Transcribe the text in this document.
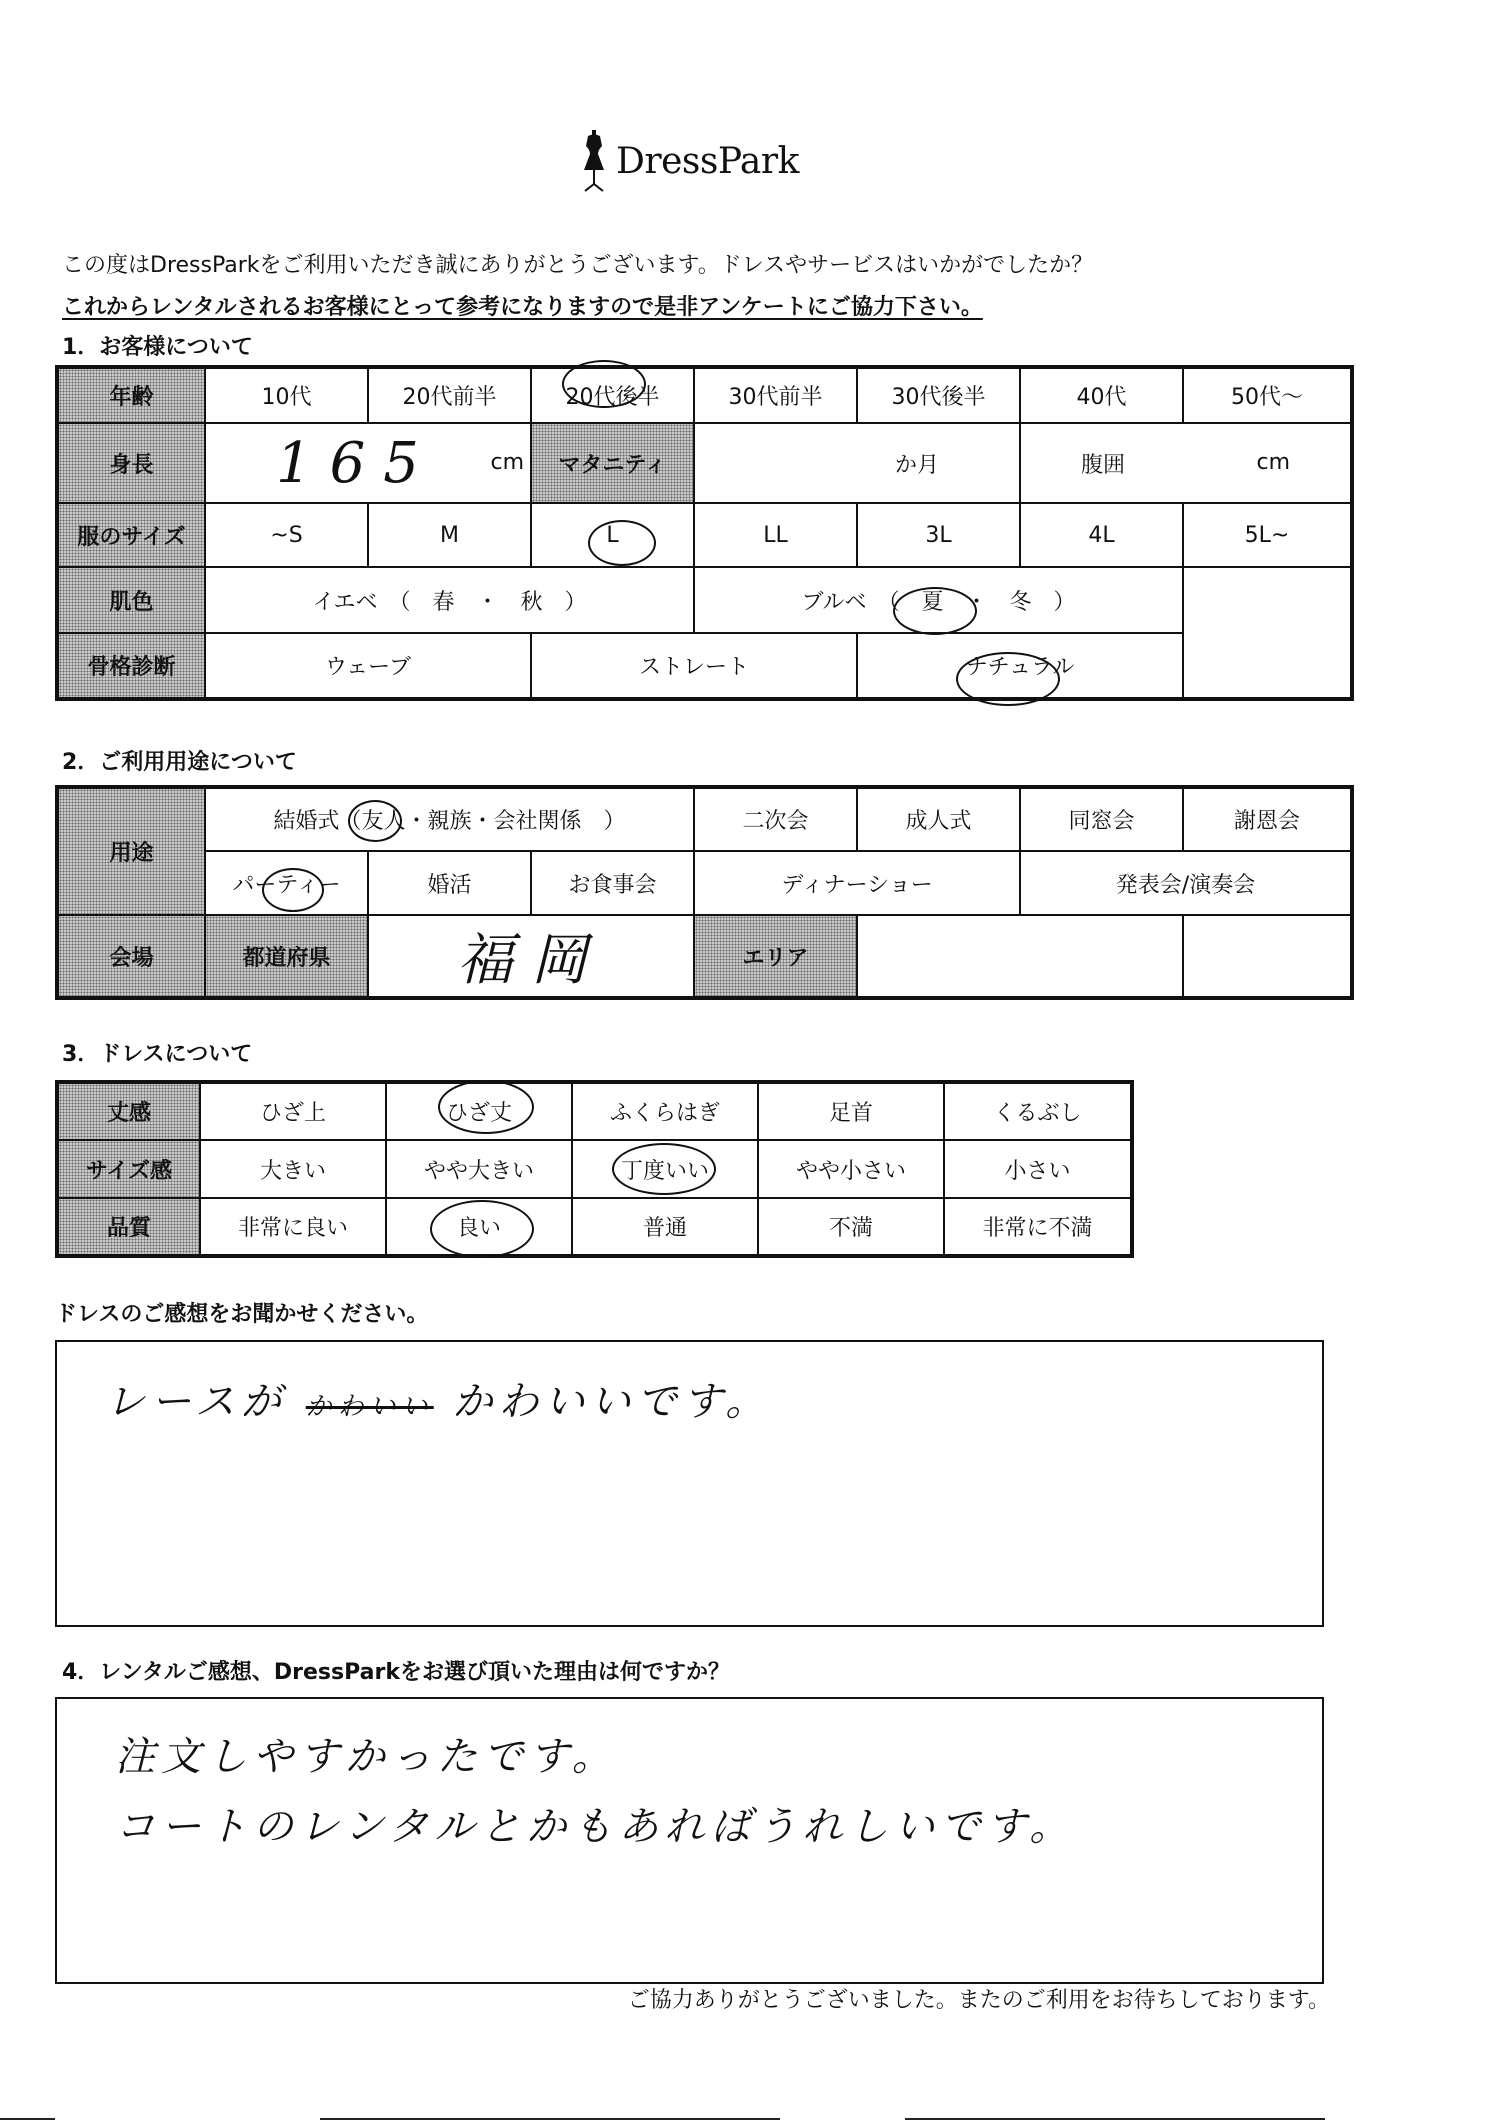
DressPark
この度はDressParkをご利用いただき誠にありがとうございます。ドレスやサービスはいかがでしたか？
これからレンタルされるお客様にとって参考になりますので是非アンケートにご協力下さい。
1．お客様について
年齢	10代	20代前半	20代後半	30代前半	30代後半	40代	50代～
身長	165 cm		マタニティ	か月		腹囲 cm	

服のサイズ	~S	M	L	LL	3L	4L	5L~
肌色	イエベ　（　春　・　秋　）			ブルベ　（　夏　・　冬　）			
骨格診断	ウェーブ		ストレート		ナチュラル		
2．ご利用用途について
用途	結婚式（友人・親族・会社関係　）			二次会	成人式	同窓会	謝恩会
	パーティー	婚活	お食事会	ディナーショー		発表会/演奏会	
会場	都道府県	福岡		エリア			
3．ドレスについて
丈感	ひざ上	ひざ丈	ふくらはぎ	足首	くるぶし
サイズ感	大きい	やや大きい	丁度いい	やや小さい	小さい
品質	非常に良い	良い	普通	不満	非常に不満
ドレスのご感想をお聞かせください。
レースが かわいい かわいいです。
4．レンタルご感想、DressParkをお選び頂いた理由は何ですか？
注文しやすかったです。
コートのレンタルとかもあればうれしいです。
ご協力ありがとうございました。またのご利用をお待ちしております。
